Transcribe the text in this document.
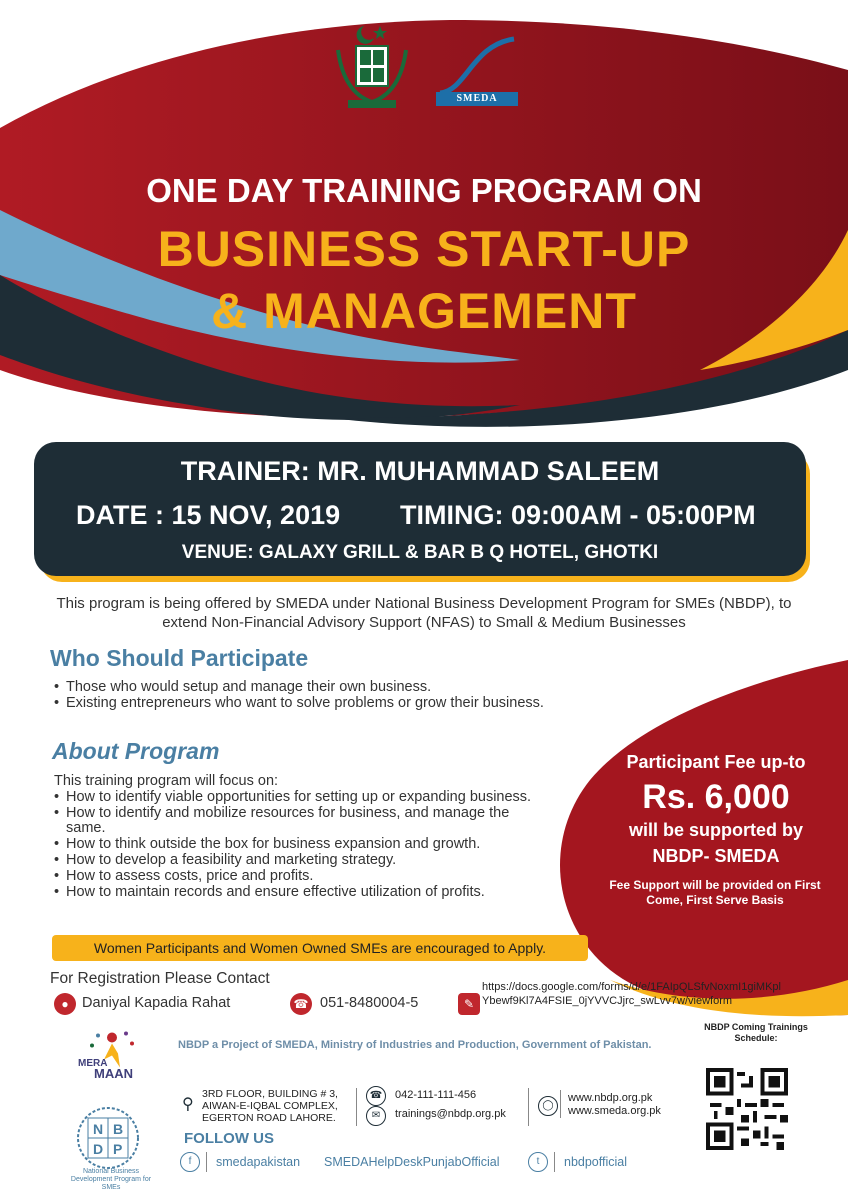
SMEDA
ONE DAY TRAINING PROGRAM ON
BUSINESS START-UP
& MANAGEMENT
TRAINER: MR. MUHAMMAD SALEEM
DATE : 15 NOV, 2019 TIMING: 09:00AM - 05:00PM
VENUE: GALAXY GRILL & BAR B Q HOTEL, GHOTKI
This program is being offered by SMEDA under National Business Development Program for SMEs (NBDP), to extend Non-Financial Advisory Support (NFAS) to Small & Medium Businesses
Participant Fee up-to
Rs. 6,000
will be supported by
NBDP- SMEDA
Fee Support will be provided on First Come, First Serve Basis
Who Should Participate
• Those who would setup and manage their own business.
• Existing entrepreneurs who want to solve problems or grow their business.
About Program
This training program will focus on:
• How to identify viable opportunities for setting up or expanding business.
• How to identify and mobilize resources for business, and manage the same.
• How to think outside the box for business expansion and growth.
• How to develop a feasibility and marketing strategy.
• How to assess costs, price and profits.
• How to maintain records and ensure effective utilization of profits.
Women Participants and Women Owned SMEs are encouraged to Apply.
For Registration Please Contact
● Daniyal Kapadia Rahat	☎ 051-8480004-5	✎
https://docs.google.com/forms/d/e/1FAIpQLSfvNoxmI1giMKplYbewf9Kl7A4FSIE_0jYVVCJjrc_swLvv7w/viewform
MERA
MAAN
NBDP a Project of SMEDA, Ministry of Industries and Production, Government of Pakistan.
N B
D P
National Business Development Program for SMEs
⚲
3RD FLOOR, BUILDING # 3, AIWAN-E-IQBAL COMPLEX, EGERTON ROAD LAHORE.
☎	042-111-111-456
✉	trainings@nbdp.org.pk
◯
www.nbdp.org.pk
www.smeda.org.pk
FOLLOW US
f	smedapakistan SMEDAHelpDeskPunjabOfficial	t	nbdpofficial
NBDP Coming Trainings Schedule:
